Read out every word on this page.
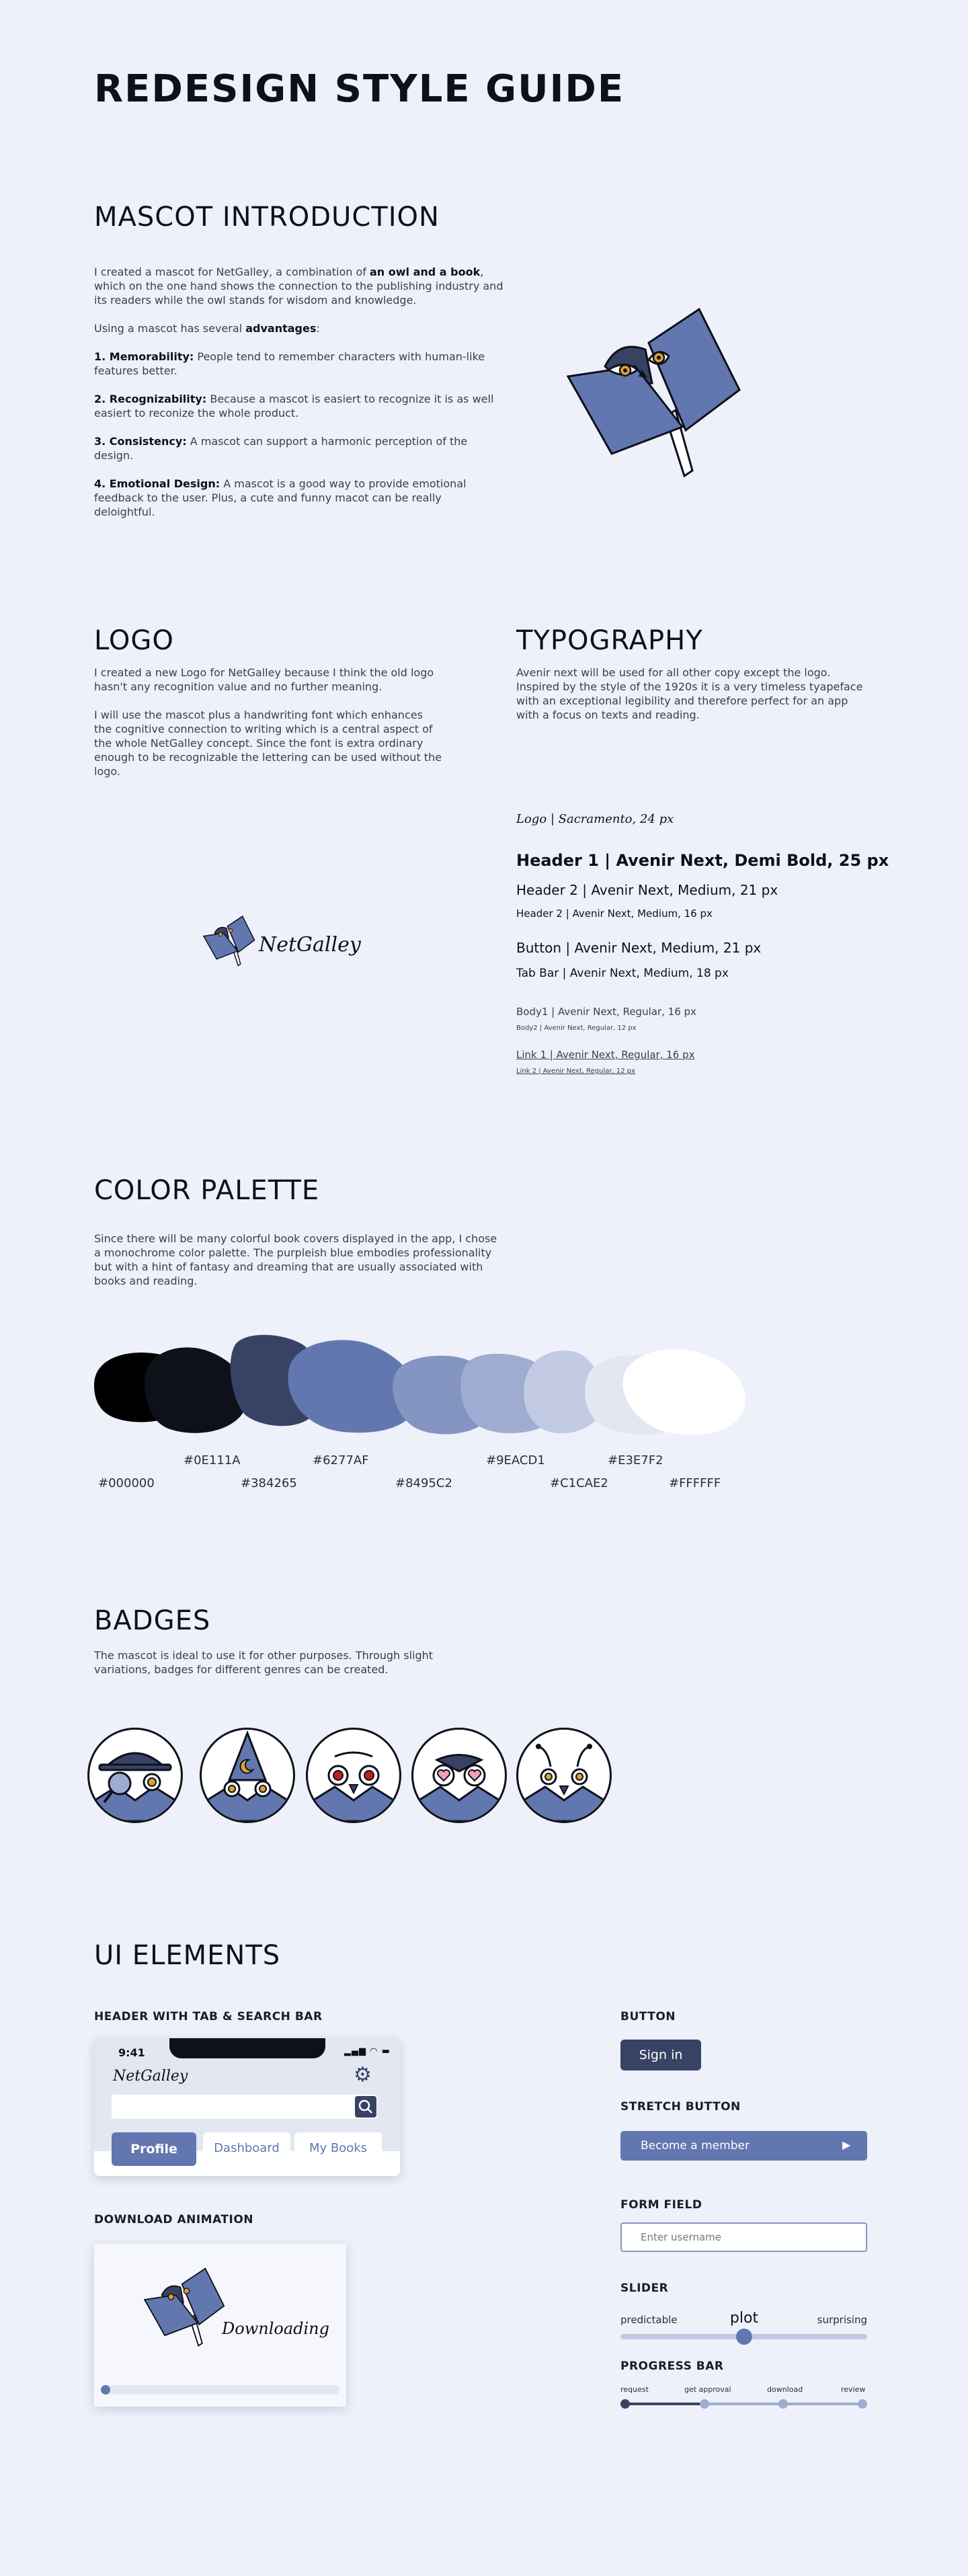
REDESIGN STYLE GUIDE
MASCOT INTRODUCTION

I created a mascot for NetGalley, a combination of an owl and a book, which on the one hand shows the connection to the publishing industry and its readers while the owl stands for wisdom and knowledge.

Using a mascot has several advantages:

1. Memorability: People tend to remember characters with human-like features better.

2. Recognizability: Because a mascot is easiert to recognize it is as well easiert to reconize the whole product.

3. Consistency: A mascot can support a harmonic perception of the design.

4. Emotional Design: A mascot is a good way to provide emotional feedback to the user. Plus, a cute and funny macot can be really deloightful.

LOGO

I created a new Logo for NetGalley because I think the old logo hasn't any recognition value and no further meaning.

I will use the mascot plus a handwriting font which enhances the cognitive connection to writing which is a central aspect of the whole NetGalley concept. Since the font is extra ordinary enough to be recognizable the lettering can be used without the logo.

NetGalley
TYPOGRAPHY
Avenir next will be used for all other copy except the logo. Inspired by the style of the 1920s it is a very timeless tyapeface with an exceptional legibility and therefore perfect for an app with a focus on texts and reading.
Logo | Sacramento, 24 px
Header 1 | Avenir Next, Demi Bold, 25 px
Header 2 | Avenir Next, Medium, 21 px
Header 2 | Avenir Next, Medium, 16 px
Button | Avenir Next, Medium, 21 px
Tab Bar | Avenir Next, Medium, 18 px
Body1 | Avenir Next, Regular, 16 px
Body2 | Avenir Next, Regular, 12 px
Link 1 | Avenir Next, Regular, 16 px
Link 2 | Avenir Next, Regular, 12 px
COLOR PALETTE
Since there will be many colorful book covers displayed in the app, I chose a monochrome color palette. The purpleish blue embodies professionality but with a hint of fantasy and dreaming that are usually associated with books and reading.
#000000
#0E111A
#384265
#6277AF
#8495C2
#9EACD1
#C1CAE2
#E3E7F2
#FFFFFF
BADGES
The mascot is ideal to use it for other purposes. Through slight variations, badges for different genres can be created.
UI ELEMENTS
HEADER WITH TAB & SEARCH BAR
9:41	▂▄▆ ◠ ▬
NetGalley	⚙
Profile	Dashboard	My Books
DOWNLOAD ANIMATION
Downloading
BUTTON
Sign in
STRETCH BUTTON
Become a member	▶
FORM FIELD
Enter username
SLIDER
predictable	surprising
plot
PROGRESS BAR
request	get approval	download	review
